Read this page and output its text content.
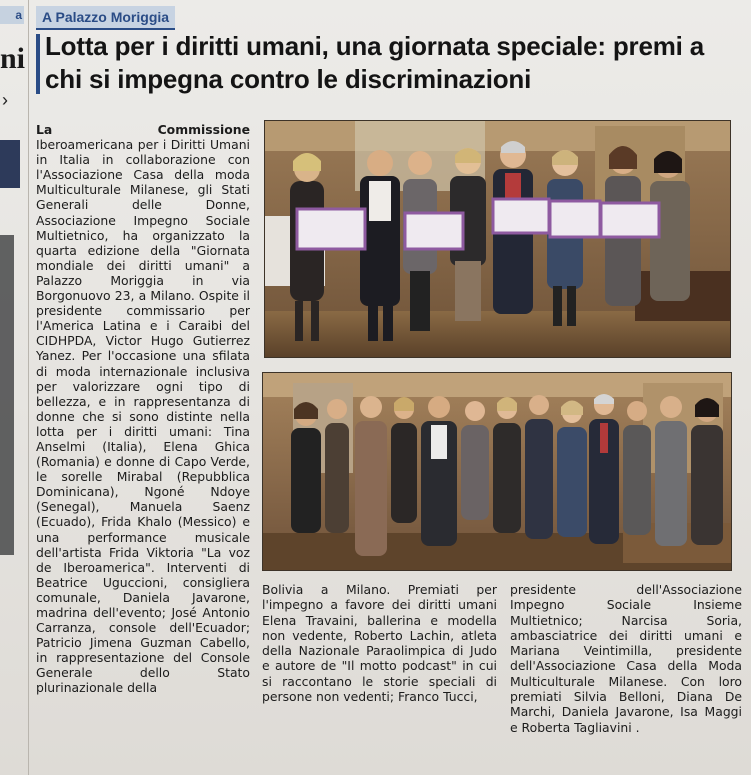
a
ni
›
A Palazzo Moriggia
Lotta per i diritti umani, una giornata speciale: premi a chi si impegna contro le discriminazioni
La Commissione Iberoamericana per i Diritti Umani in Italia in collaborazione con l'Associazione Casa della moda Multiculturale Milanese, gli Stati Generali delle Donne, Associazione Impegno Sociale Multietnico, ha organizzato la quarta edizione della "Giornata mondiale dei diritti umani" a Palazzo Moriggia in via Borgonuovo 23, a Milano. Ospite il presidente commissario per l'America Latina e i Caraibi del CIDHPDA, Victor Hugo Gutierrez Yanez. Per l'occasione una sfilata di moda internazionale inclusiva per valorizzare ogni tipo di bellezza, e in rappresentanza di donne che si sono distinte nella lotta per i diritti umani: Tina Anselmi (Italia), Elena Ghica (Romania) e donne di Capo Verde, le sorelle Mirabal (Repubblica Dominicana), Ngoné Ndoye (Senegal), Manuela Saenz (Ecuado), Frida Khalo (Messico) e una performance musicale dell'artista Frida Viktoria "La voz de Iberoamerica". Interventi di Beatrice Uguccioni, consigliera comunale, Daniela Javarone, madrina dell'evento; José Antonio Carranza, console dell'Ecuador; Patricio Jimena Guzman Cabello, in rappresentazione del Console Generale dello Stato plurinazionale della
Bolivia a Milano. Premiati per l'impegno a favore dei diritti umani Elena Travaini, ballerina e modella non vedente, Roberto Lachin, atleta della Nazionale Paraolimpica di Judo e autore de "Il motto podcast" in cui si raccontano le storie speciali di persone non vedenti; Franco Tucci,
presidente dell'Associazione Impegno Sociale Insieme Multietnico; Narcisa Soria, ambasciatrice dei diritti umani e Mariana Veintimilla, presidente dell'Associazione Casa della Moda Multiculturale Milanese. Con loro premiati Silvia Belloni, Diana De Marchi, Daniela Javarone, Isa Maggi e Roberta Tagliavini .
